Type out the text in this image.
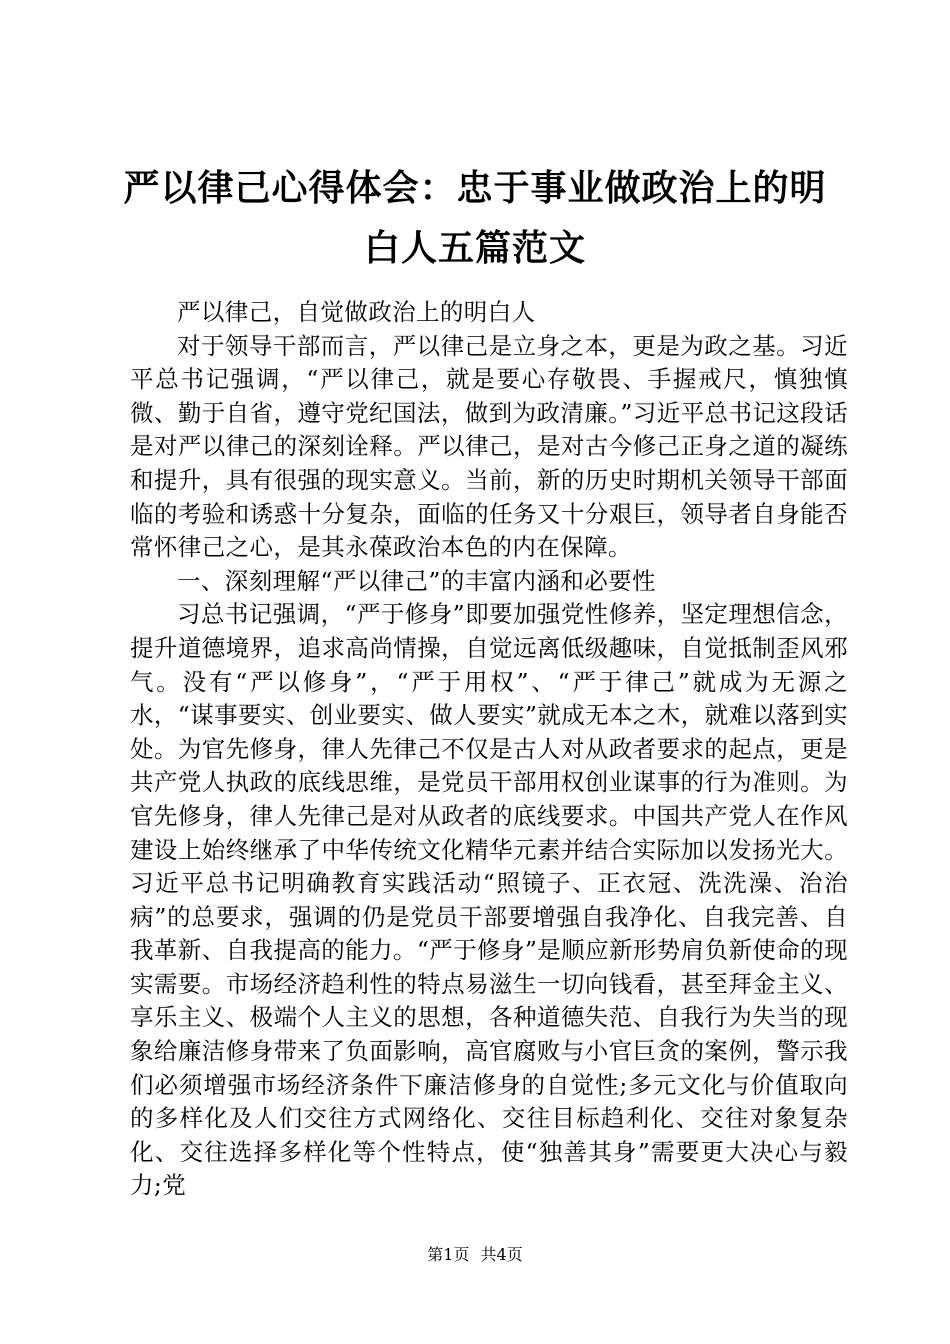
严以律己心得体会：忠于事业做政治上的明白人五篇范文

严以律己，自觉做政治上的明白人

对于领导干部而言，严以律己是立身之本，更是为政之基。习近平总书记强调，“严以律己，就是要心存敬畏、手握戒尺，慎独慎微、勤于自省，遵守党纪国法，做到为政清廉。”习近平总书记这段话是对严以律己的深刻诠释。严以律己，是对古今修己正身之道的凝练和提升，具有很强的现实意义。当前，新的历史时期机关领导干部面临的考验和诱惑十分复杂，面临的任务又十分艰巨，领导者自身能否常怀律己之心，是其永葆政治本色的内在保障。

一、深刻理解“严以律己”的丰富内涵和必要性

习总书记强调，“严于修身”即要加强党性修养，坚定理想信念，提升道德境界，追求高尚情操，自觉远离低级趣味，自觉抵制歪风邪气。没有“严以修身”，“严于用权”、“严于律己”就成为无源之水，“谋事要实、创业要实、做人要实”就成无本之木，就难以落到实处。为官先修身，律人先律己不仅是古人对从政者要求的起点，更是共产党人执政的底线思维，是党员干部用权创业谋事的行为准则。为官先修身，律人先律己是对从政者的底线要求。中国共产党人在作风建设上始终继承了中华传统文化精华元素并结合实际加以发扬光大。习近平总书记明确教育实践活动“照镜子、正衣冠、洗洗澡、治治病”的总要求，强调的仍是党员干部要增强自我净化、自我完善、自我革新、自我提高的能力。“严于修身”是顺应新形势肩负新使命的现实需要。市场经济趋利性的特点易滋生一切向钱看，甚至拜金主义、享乐主义、极端个人主义的思想，各种道德失范、自我行为失当的现象给廉洁修身带来了负面影响，高官腐败与小官巨贪的案例，警示我们必须增强市场经济条件下廉洁修身的自觉性;多元文化与价值取向的多样化及人们交往方式网络化、交往目标趋利化、交往对象复杂化、交往选择多样化等个性特点，使“独善其身”需要更大决心与毅力;党

第1页 共4页
